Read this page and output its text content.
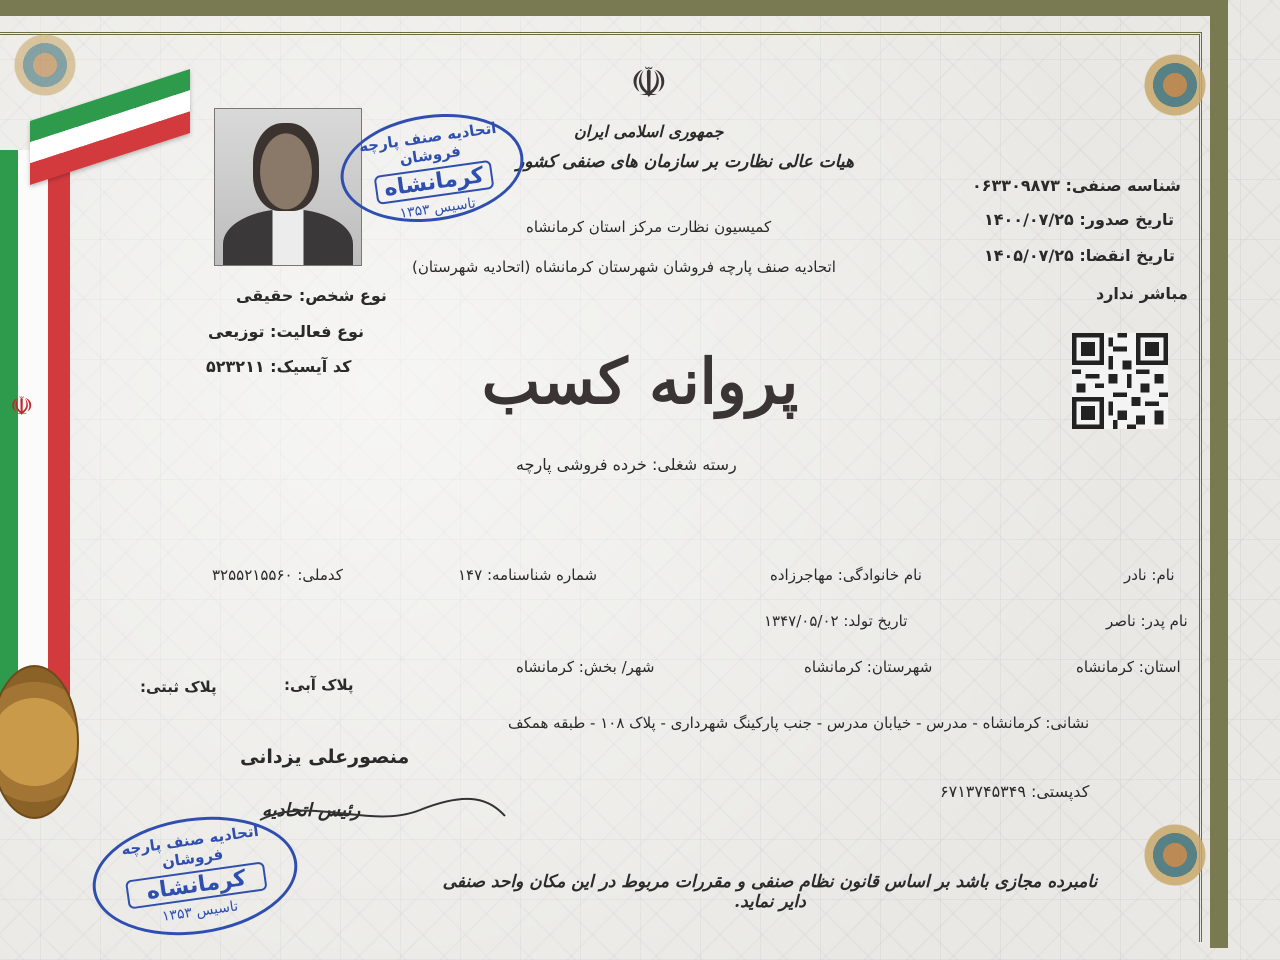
☫
☫
جمهوری اسلامی ایران
هیات عالی نظارت بر سازمان های صنفی کشور
کمیسیون نظارت مرکز استان کرمانشاه
اتحادیه صنف پارچه فروشان شهرستان کرمانشاه (اتحادیه شهرستان)
شناسه صنفی: ۰۶۳۳۰۹۸۷۳
تاریخ صدور: ۱۴۰۰/۰۷/۲۵
تاریخ انقضا: ۱۴۰۵/۰۷/۲۵
مباشر ندارد
اتحادیه صنف پارچه فروشان
کرمانشاه
تاسیس ۱۳۵۳
نوع شخص: حقیقی
نوع فعالیت: توزیعی
کد آیسیک: ۵۲۳۲۱۱	پروانه کسب
رسته شغلی: خرده فروشی پارچه
نام: نادر
نام خانوادگی: مهاجرزاده
شماره شناسنامه: ۱۴۷
کدملی: ۳۲۵۵۲۱۵۵۶۰
نام پدر: ناصر
تاریخ تولد: ۱۳۴۷/۰۵/۰۲
استان: کرمانشاه
شهرستان: کرمانشاه
شهر/ بخش: کرمانشاه
پلاک آبی:
پلاک ثبتی:
نشانی: کرمانشاه - مدرس - خیابان مدرس - جنب پارکینگ شهرداری - پلاک ۱۰۸ - طبقه همکف
کدپستی: ۶۷۱۳۷۴۵۳۴۹
منصورعلی یزدانی
رئیس اتحادیه
اتحادیه صنف پارچه فروشان
کرمانشاه
تاسیس ۱۳۵۳
نامبرده مجازی باشد بر اساس قانون نظام صنفی و مقررات مربوط در این مکان واحد صنفی دایر نماید.
